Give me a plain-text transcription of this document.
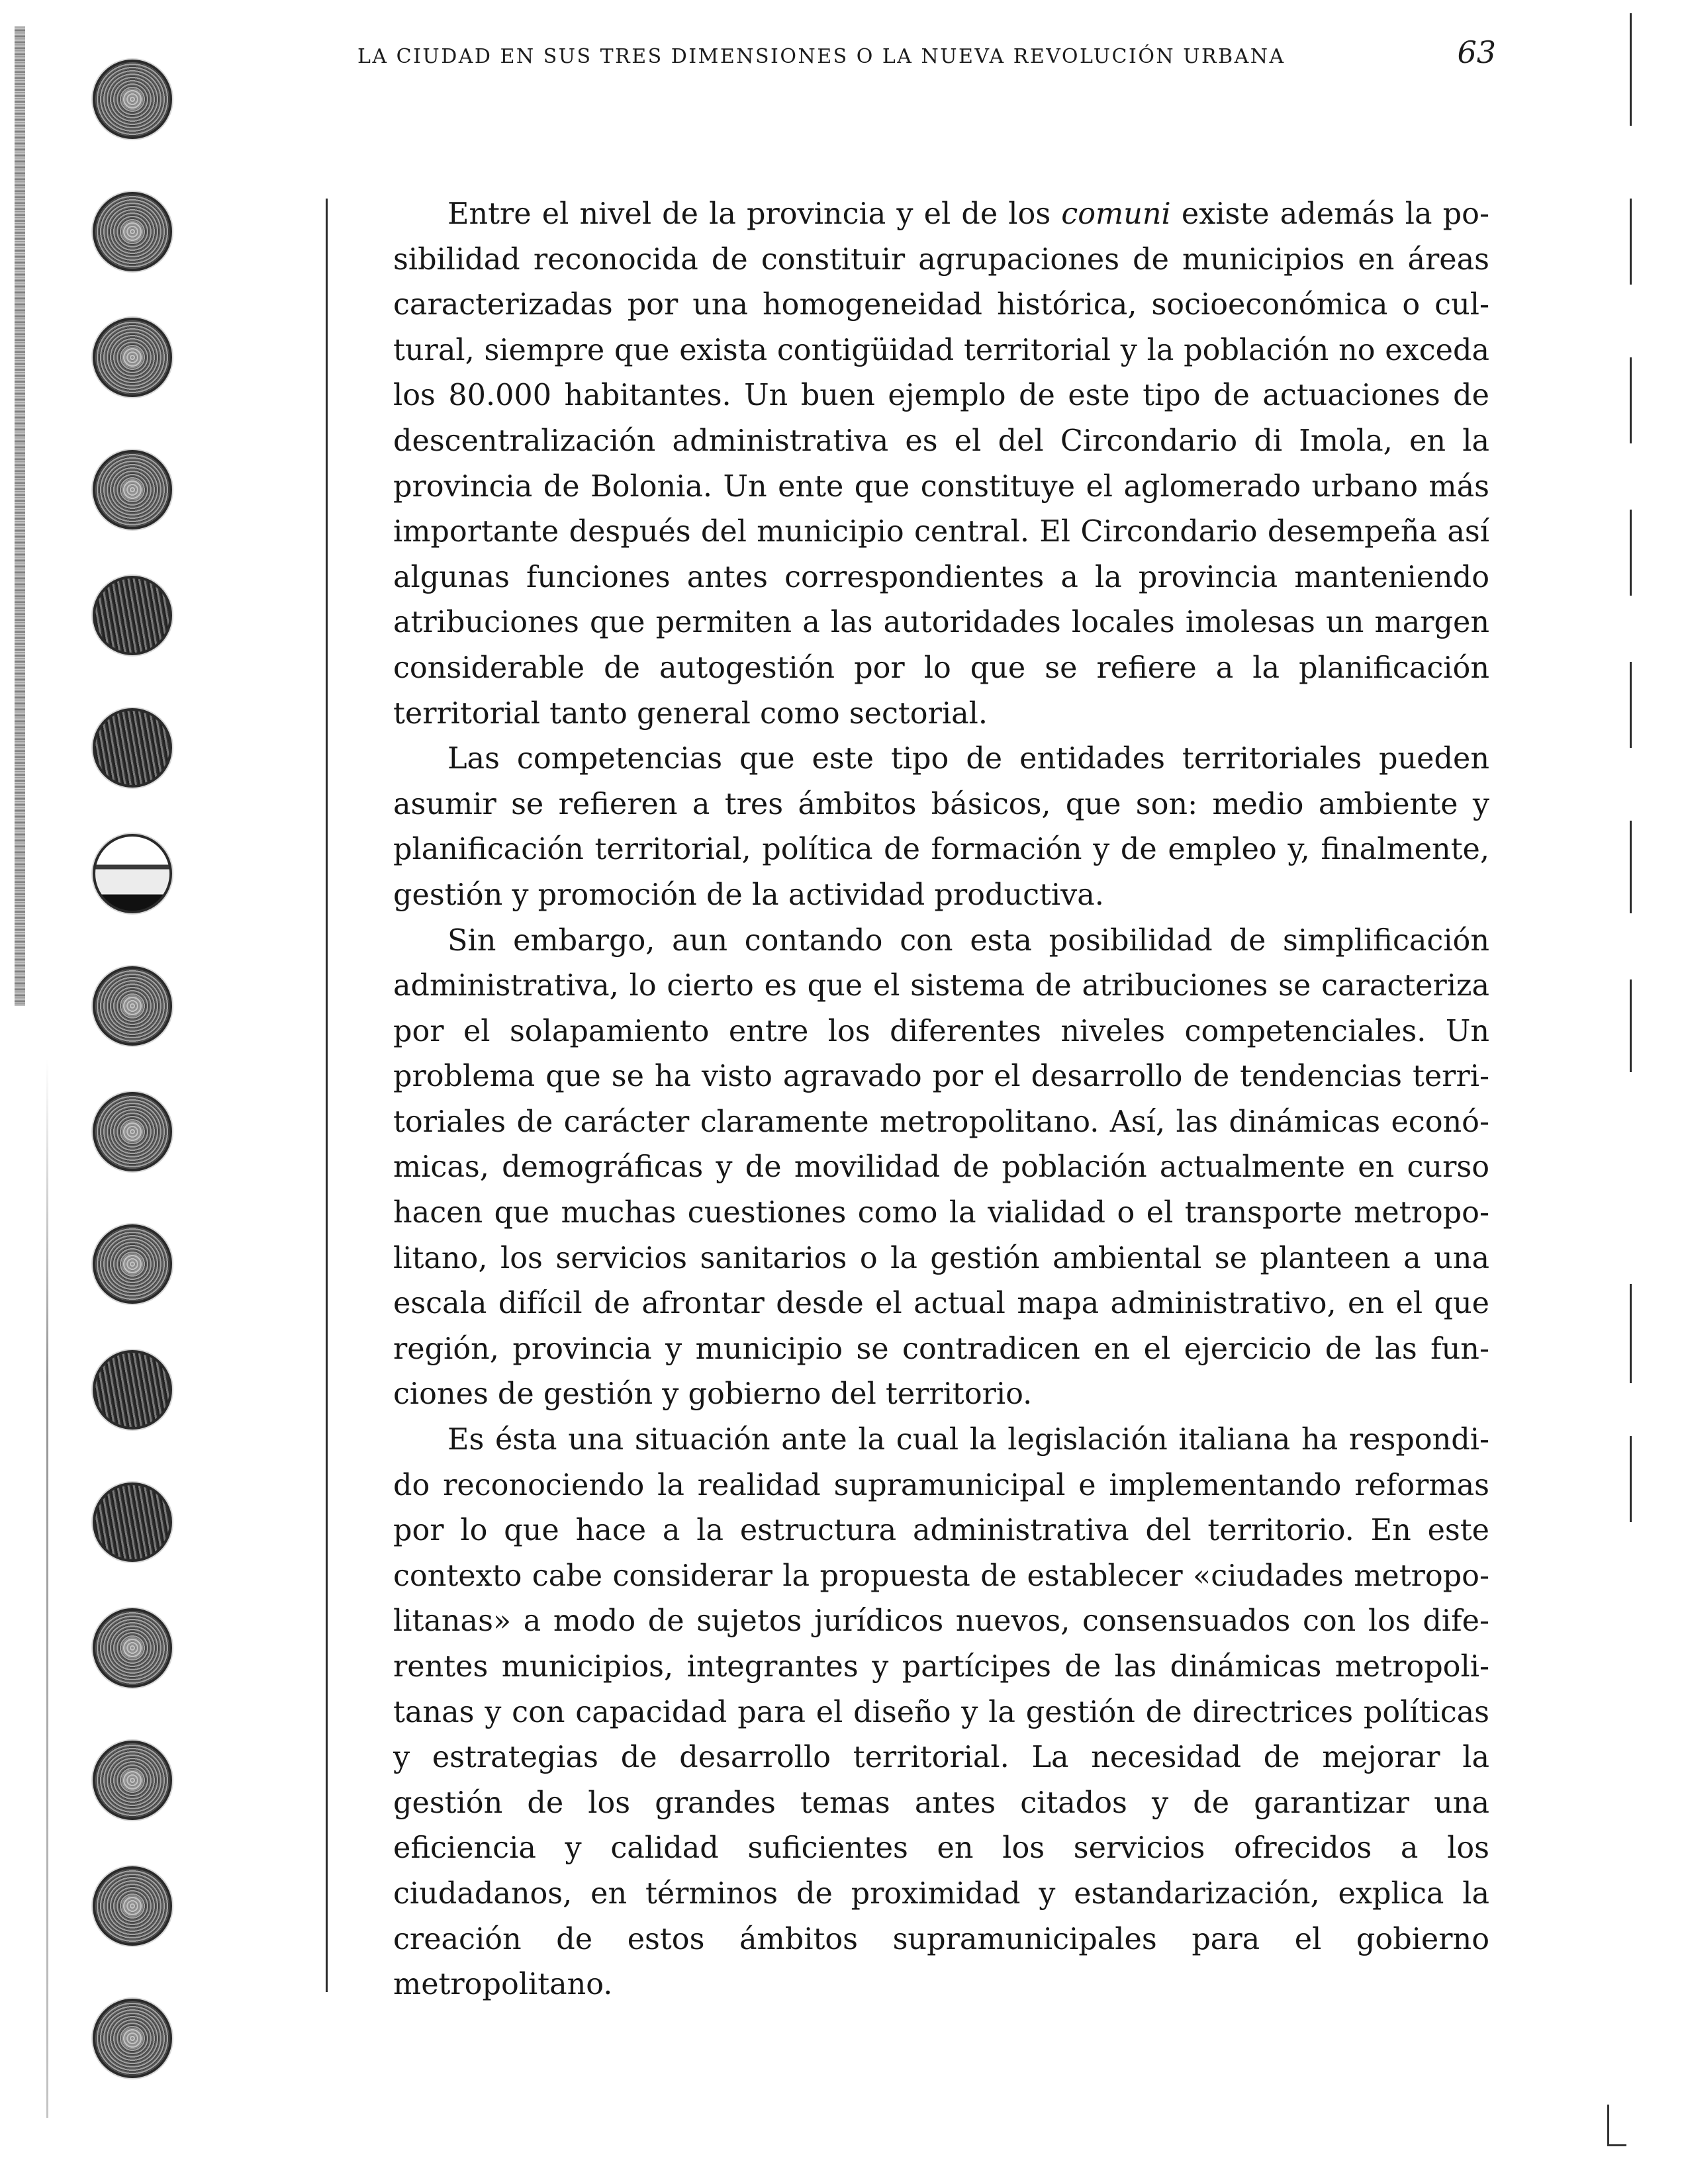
LA CIUDAD EN SUS TRES DIMENSIONES O LA NUEVA REVOLUCIÓN URBANA	63

Entre el nivel de la provincia y el de los comuni existe además la posibilidad reconocida de constituir agrupaciones de municipios en áreas caracterizadas por una homogeneidad histórica, socioeconómica o cultural, siempre que exista contigüidad territorial y la población no exceda los 80.000 habitantes. Un buen ejemplo de este tipo de actuaciones de descentralización administrativa es el del Circondario di Imola, en la provincia de Bolonia. Un ente que constituye el aglomerado urbano más importante después del municipio central. El Circondario desempeña así algunas funciones antes correspondientes a la provincia manteniendo atribuciones que permiten a las autoridades locales imolesas un margen considerable de autogestión por lo que se refiere a la planificación territorial tanto general como sectorial.

Las competencias que este tipo de entidades territoriales pueden asumir se refieren a tres ámbitos básicos, que son: medio ambiente y planificación territorial, política de formación y de empleo y, finalmente, gestión y promoción de la actividad productiva.

Sin embargo, aun contando con esta posibilidad de simplificación administrativa, lo cierto es que el sistema de atribuciones se caracteriza por el solapamiento entre los diferentes niveles competenciales. Un problema que se ha visto agravado por el desarrollo de tendencias territoriales de carácter claramente metropolitano. Así, las dinámicas económicas, demográficas y de movilidad de población actualmente en curso hacen que muchas cuestiones como la vialidad o el transporte metropolitano, los servicios sanitarios o la gestión ambiental se planteen a una escala difícil de afrontar desde el actual mapa administrativo, en el que región, provincia y municipio se contradicen en el ejercicio de las funciones de gestión y gobierno del territorio.

Es ésta una situación ante la cual la legislación italiana ha respondido reconociendo la realidad supramunicipal e implementando reformas por lo que hace a la estructura administrativa del territorio. En este contexto cabe considerar la propuesta de establecer «ciudades metropolitanas» a modo de sujetos jurídicos nuevos, consensuados con los diferentes municipios, integrantes y partícipes de las dinámicas metropolitanas y con capacidad para el diseño y la gestión de directrices políticas y estrategias de desarrollo territorial. La necesidad de mejorar la gestión de los grandes temas antes citados y de garantizar una eficiencia y calidad suficientes en los servicios ofrecidos a los ciudadanos, en términos de proximidad y estandarización, explica la creación de estos ámbitos supramunicipales para el gobierno metropolitano.
